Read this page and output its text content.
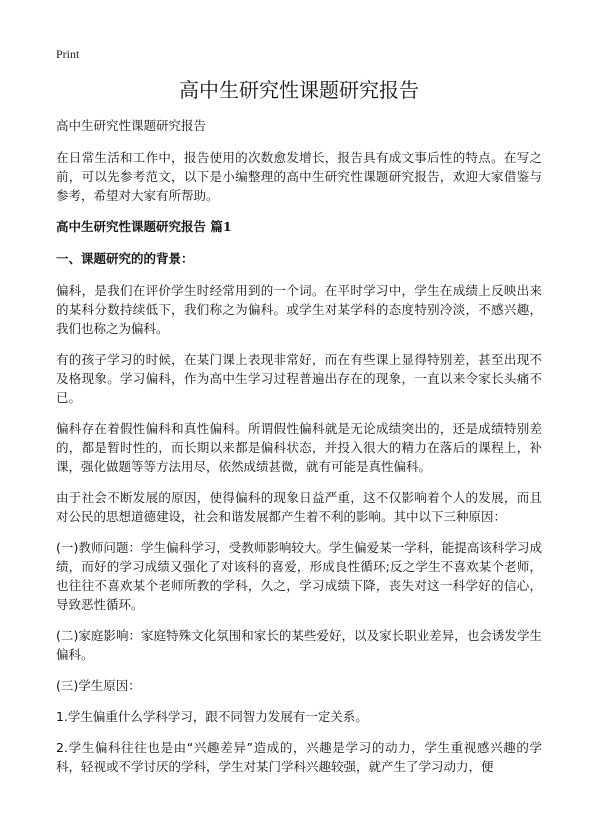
Print
高中生研究性课题研究报告
高中生研究性课题研究报告

在日常生活和工作中，报告使用的次数愈发增长，报告具有成文事后性的特点。在写之前，可以先参考范文，以下是小编整理的高中生研究性课题研究报告，欢迎大家借鉴与参考，希望对大家有所帮助。

高中生研究性课题研究报告 篇1
一、课题研究的的背景：

偏科，是我们在评价学生时经常用到的一个词。在平时学习中，学生在成绩上反映出来的某科分数持续低下，我们称之为偏科。或学生对某学科的态度特别冷淡，不感兴趣，我们也称之为偏科。

有的孩子学习的时候，在某门课上表现非常好，而在有些课上显得特别差，甚至出现不及格现象。学习偏科，作为高中生学习过程普遍出存在的现象，一直以来令家长头痛不已。

偏科存在着假性偏科和真性偏科。所谓假性偏科就是无论成绩突出的，还是成绩特别差的，都是暂时性的，而长期以来都是偏科状态，并投入很大的精力在落后的课程上，补课，强化做题等等方法用尽，依然成绩甚微，就有可能是真性偏科。

由于社会不断发展的原因，使得偏科的现象日益严重，这不仅影响着个人的发展，而且对公民的思想道德建设，社会和谐发展都产生着不利的影响。其中以下三种原因：

(一)教师问题：学生偏科学习，受教师影响较大。学生偏爱某一学科，能提高该科学习成绩，而好的学习成绩又强化了对该科的喜爱，形成良性循环;反之学生不喜欢某个老师，也往往不喜欢某个老师所教的学科，久之，学习成绩下降，丧失对这一科学好的信心，导致恶性循环。

(二)家庭影响：家庭特殊文化氛围和家长的某些爱好，以及家长职业差异，也会诱发学生偏科。

(三)学生原因：

1.学生偏重什么学科学习，跟不同智力发展有一定关系。

2.学生偏科往往也是由“兴趣差异”造成的，兴趣是学习的动力，学生重视感兴趣的学科，轻视或不学讨厌的学科，学生对某门学科兴趣较强，就产生了学习动力，便
